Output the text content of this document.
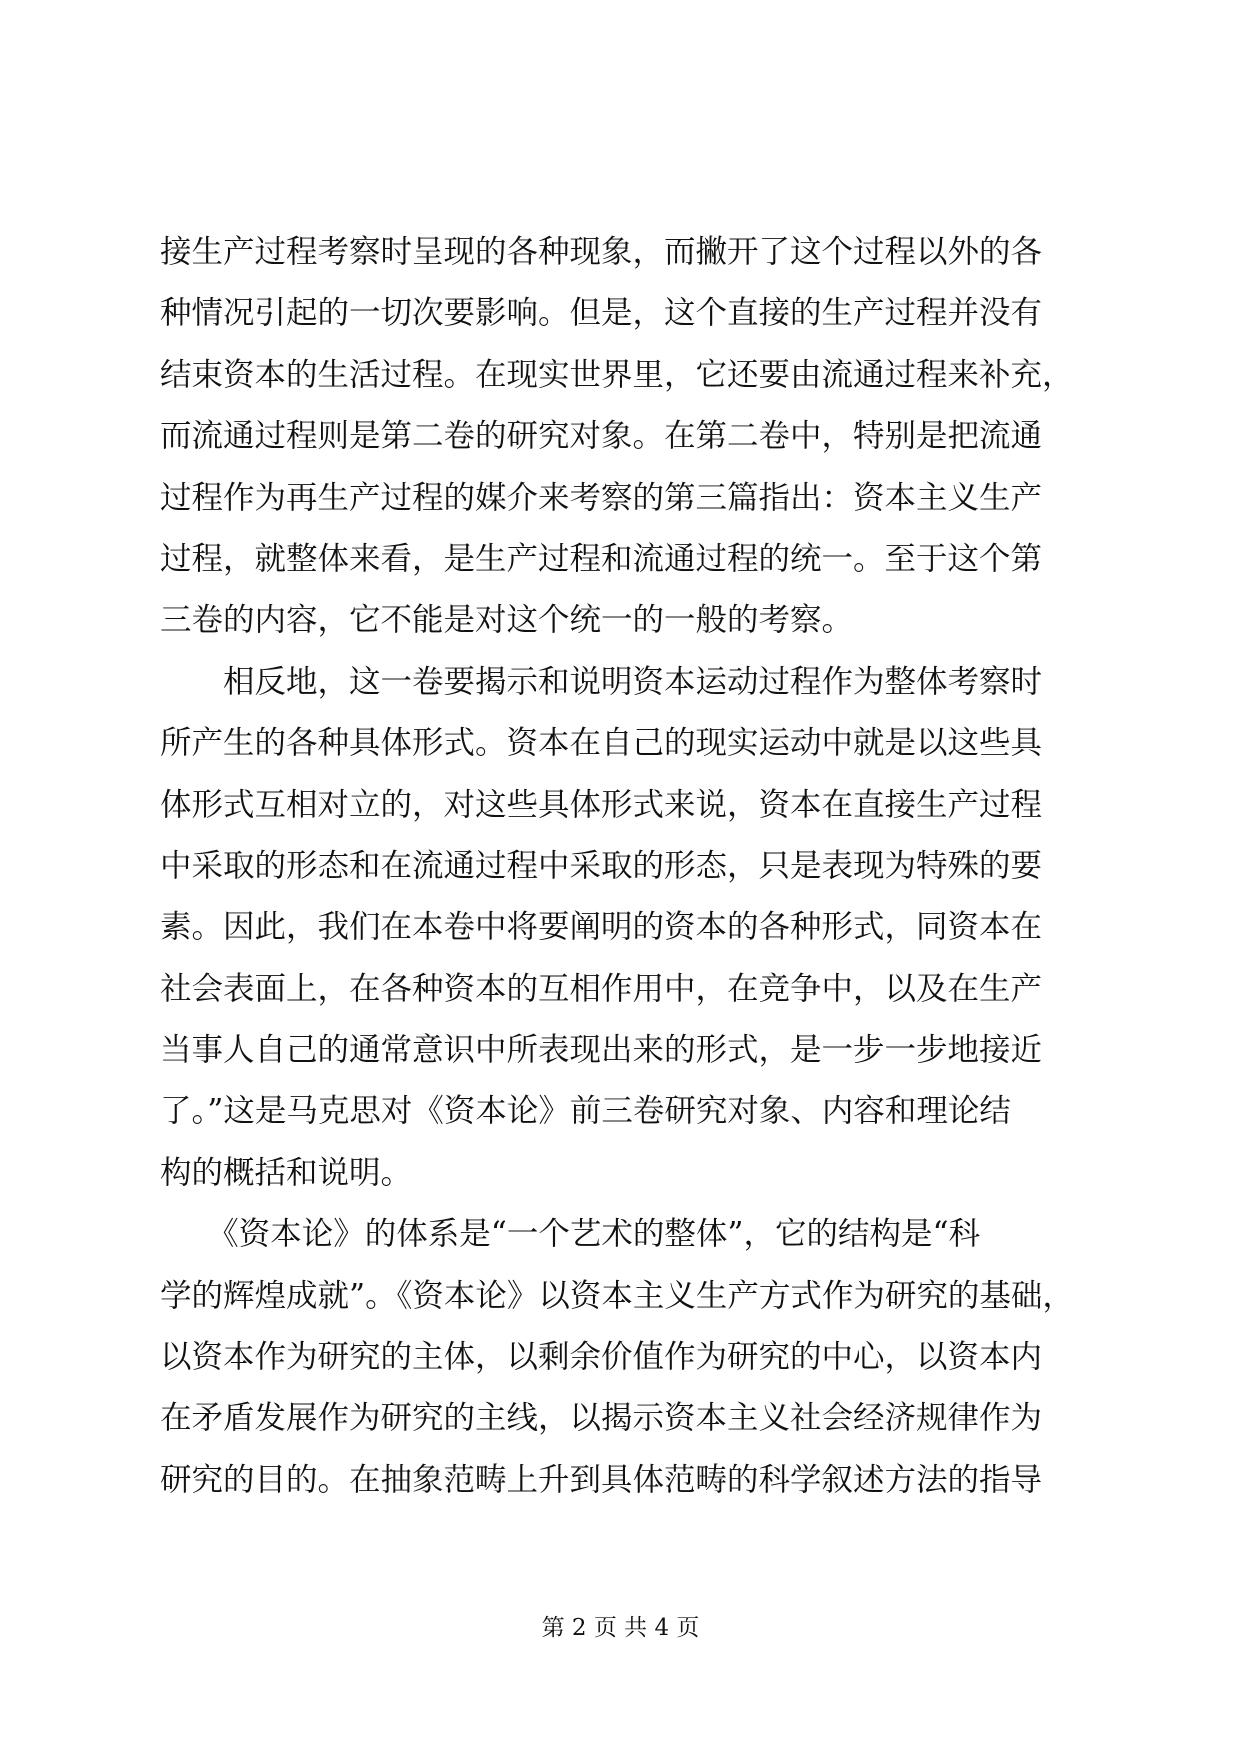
接生产过程考察时呈现的各种现象，而撇开了这个过程以外的各
种情况引起的一切次要影响。但是，这个直接的生产过程并没有
结束资本的生活过程。在现实世界里，它还要由流通过程来补充，
而流通过程则是第二卷的研究对象。在第二卷中，特别是把流通
过程作为再生产过程的媒介来考察的第三篇指出：资本主义生产
过程，就整体来看，是生产过程和流通过程的统一。至于这个第
三卷的内容，它不能是对这个统一的一般的考察。
　　相反地，这一卷要揭示和说明资本运动过程作为整体考察时
所产生的各种具体形式。资本在自己的现实运动中就是以这些具
体形式互相对立的，对这些具体形式来说，资本在直接生产过程
中采取的形态和在流通过程中采取的形态，只是表现为特殊的要
素。因此，我们在本卷中将要阐明的资本的各种形式，同资本在
社会表面上，在各种资本的互相作用中，在竞争中，以及在生产
当事人自己的通常意识中所表现出来的形式，是一步一步地接近
了。”这是马克思对《资本论》前三卷研究对象、内容和理论结
构的概括和说明。
　　《资本论》的体系是“一个艺术的整体”，它的结构是“科
学的辉煌成就”。《资本论》以资本主义生产方式作为研究的基础，
以资本作为研究的主体，以剩余价值作为研究的中心，以资本内
在矛盾发展作为研究的主线，以揭示资本主义社会经济规律作为
研究的目的。在抽象范畴上升到具体范畴的科学叙述方法的指导
第 2 页 共 4 页
